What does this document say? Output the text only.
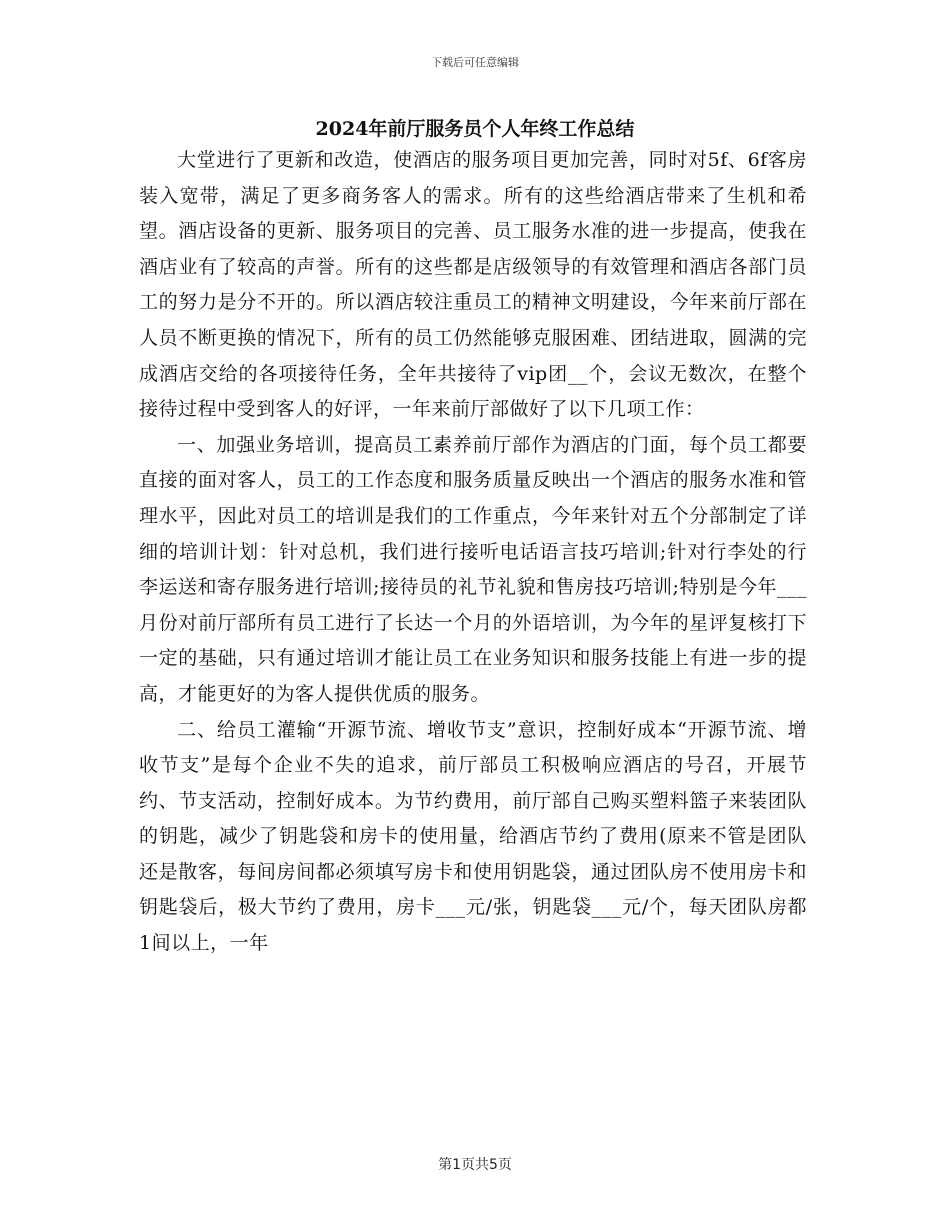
下载后可任意编辑
2024年前厅服务员个人年终工作总结

大堂进行了更新和改造，使酒店的服务项目更加完善，同时对5f、6f客房装入宽带，满足了更多商务客人的需求。所有的这些给酒店带来了生机和希望。酒店设备的更新、服务项目的完善、员工服务水准的进一步提高，使我在酒店业有了较高的声誉。所有的这些都是店级领导的有效管理和酒店各部门员工的努力是分不开的。所以酒店较注重员工的精神文明建设，今年来前厅部在人员不断更换的情况下，所有的员工仍然能够克服困难、团结进取，圆满的完成酒店交给的各项接待任务，全年共接待了vip团__个，会议无数次，在整个接待过程中受到客人的好评，一年来前厅部做好了以下几项工作：

一、加强业务培训，提高员工素养前厅部作为酒店的门面，每个员工都要直接的面对客人，员工的工作态度和服务质量反映出一个酒店的服务水准和管理水平，因此对员工的培训是我们的工作重点，今年来针对五个分部制定了详细的培训计划：针对总机，我们进行接听电话语言技巧培训;针对行李处的行李运送和寄存服务进行培训;接待员的礼节礼貌和售房技巧培训;特别是今年___月份对前厅部所有员工进行了长达一个月的外语培训，为今年的星评复核打下一定的基础，只有通过培训才能让员工在业务知识和服务技能上有进一步的提高，才能更好的为客人提供优质的服务。

二、给员工灌输“开源节流、增收节支”意识，控制好成本“开源节流、增收节支”是每个企业不失的追求，前厅部员工积极响应酒店的号召，开展节约、节支活动，控制好成本。为节约费用，前厅部自己购买塑料篮子来装团队的钥匙，减少了钥匙袋和房卡的使用量，给酒店节约了费用(原来不管是团队还是散客，每间房间都必须填写房卡和使用钥匙袋，通过团队房不使用房卡和钥匙袋后，极大节约了费用，房卡___元/张，钥匙袋___元/个，每天团队房都1间以上，一年

第1页共5页
